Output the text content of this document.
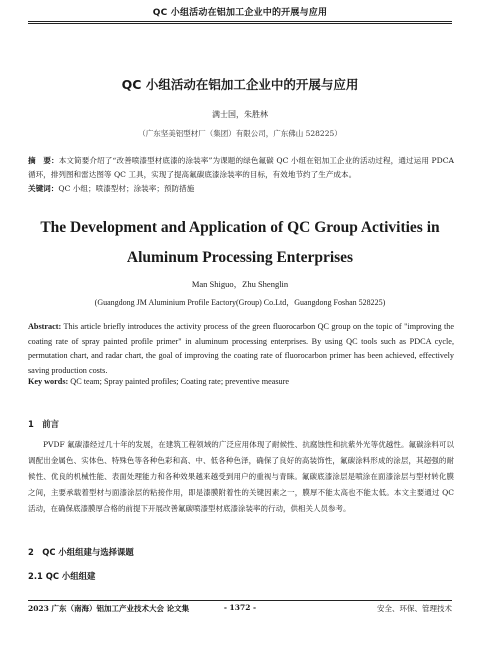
QC 小组活动在铝加工企业中的开展与应用
QC 小组活动在铝加工企业中的开展与应用
满士国，朱胜林
（广东坚美铝型材厂（集团）有限公司，广东佛山 528225）
摘　要：本文简要介绍了“改善喷漆型材底漆的涂装率”为课题的绿色氟碳 QC 小组在铝加工企业的活动过程，通过运用 PDCA 循环，排列图和雷达图等 QC 工具，实现了提高氟碳底漆涂装率的目标，有效地节约了生产成本。
关键词：QC 小组；喷漆型材；涂装率；预防措施
The Development and Application of QC Group Activities in Aluminum Processing Enterprises
Man Shiguo，Zhu Shenglin
(Guangdong JM Aluminium Profile Eactory(Group) Co.Ltd，Guangdong Foshan 528225)
Abstract: This article briefly introduces the activity process of the green fluorocarbon QC group on the topic of "improving the coating rate of spray painted profile primer" in aluminum processing enterprises. By using QC tools such as PDCA cycle, permutation chart, and radar chart, the goal of improving the coating rate of fluorocarbon primer has been achieved, effectively saving production costs.
Key words: QC team; Spray painted profiles; Coating rate; preventive measure
1　前言
PVDF 氟碳漆经过几十年的发展，在建筑工程领域的广泛应用体现了耐候性、抗腐蚀性和抗紫外光等优越性。氟碳涂料可以调配出金属色、实体色、特殊色等各种色彩和高、中、低各种色泽，确保了良好的高装饰性，氟碳涂料形成的涂层，其超强的耐候性、优良的机械性能、表面处理能力和各种效果越来越受到用户的重视与青睐。氟碳底漆涂层是喷涂在面漆涂层与型材转化膜之间，主要承载着型材与面漆涂层的粘接作用，即是漆膜附着性的关键因素之一，膜厚不能太高也不能太低。本文主要通过 QC 活动，在确保底漆膜厚合格的前提下开展改善氟碳喷漆型材底漆涂装率的行动，供相关人员参考。
2　QC 小组组建与选择课题
2.1 QC 小组组建
2023 广东（南海）铝加工产业技术大会 论文集	- 1372 -	安全、环保、管理技术
